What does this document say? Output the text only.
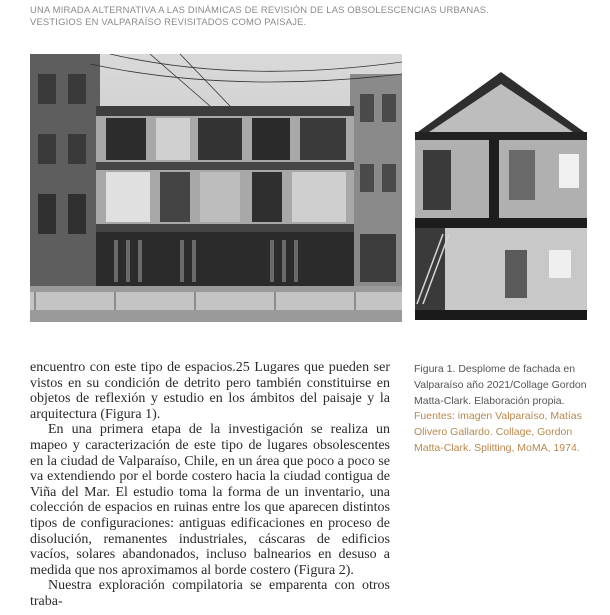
UNA MIRADA ALTERNATIVA A LAS DINÁMICAS DE REVISIÓN DE LAS OBSOLESCENCIAS URBANAS.
VESTIGIOS EN VALPARAÍSO REVISITADOS COMO PAISAJE.

encuentro con este tipo de espacios.25 Lugares que pueden ser vistos en su condición de detrito pero también constituirse en objetos de reflexión y estudio en los ámbitos del paisaje y la arquitectura (Figura 1).

En una primera etapa de la investigación se realiza un mapeo y caracterización de este tipo de lugares obsolescentes en la ciudad de Valparaíso, Chile, en un área que poco a poco se va extendiendo por el borde costero hacia la ciudad contigua de Viña del Mar. El estudio toma la forma de un inventario, una colección de espacios en ruinas entre los que aparecen distintos tipos de configuraciones: antiguas edificaciones en proceso de disolución, remanentes industriales, cáscaras de edificios vacíos, solares abandonados, incluso balnearios en desuso a medida que nos aproximamos al borde costero (Figura 2).

Nuestra exploración compilatoria se emparenta con otros traba-

Figura 1. Desplome de fachada en Valparaíso año 2021/Collage Gordon Matta-Clark. Elaboración propia.

Fuentes: imagen Valparaíso, Matías Olivero Gallardo. Collage, Gordon Matta-Clark. Splitting, MoMA, 1974.
